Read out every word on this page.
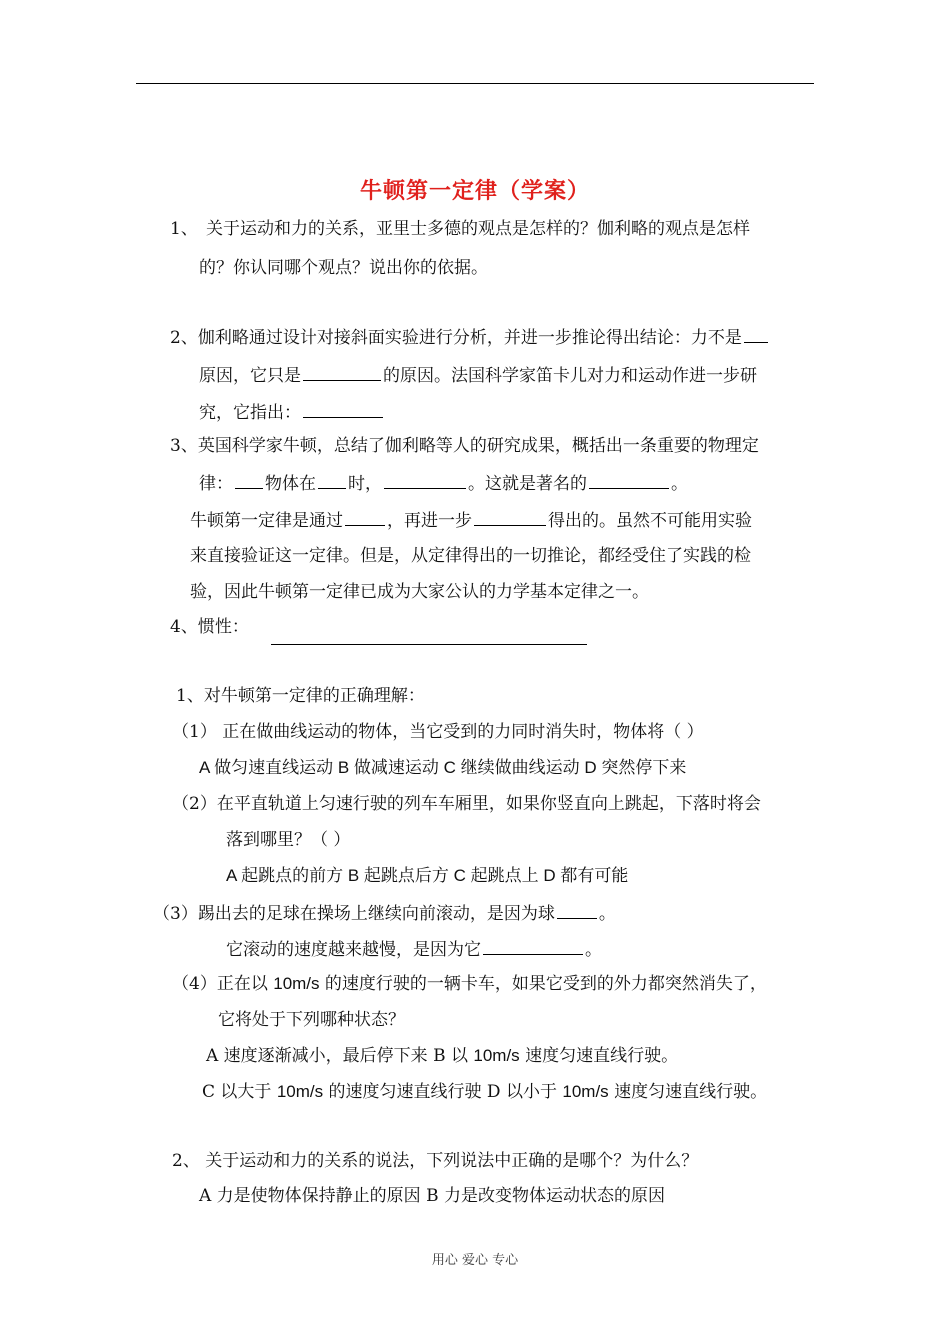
牛顿第一定律（学案）
1、 关于运动和力的关系，亚里士多德的观点是怎样的？伽利略的观点是怎样
的？你认同哪个观点？说出你的依据。
2、伽利略通过设计对接斜面实验进行分析，并进一步推论得出结论：力不是
原因，它只是	的原因。法国科学家笛卡儿对力和运动作进一步研
究，它指出：
3、英国科学家牛顿，总结了伽利略等人的研究成果，概括出一条重要的物理定
律： 物体在 时，	。这就是著名的	。
牛顿第一定律是通过	，再进一步	得出的。虽然不可能用实验
来直接验证这一定律。但是，从定律得出的一切推论，都经受住了实践的检
验，因此牛顿第一定律已成为大家公认的力学基本定律之一。
4、惯性：
1、对牛顿第一定律的正确理解：
（1） 正在做曲线运动的物体，当它受到的力同时消失时，物体将（ ）
A 做匀速直线运动 B 做减速运动 C 继续做曲线运动 D 突然停下来
（2）在平直轨道上匀速行驶的列车车厢里，如果你竖直向上跳起，下落时将会
落到哪里？（ ）
A 起跳点的前方 B 起跳点后方 C 起跳点上 D 都有可能
（3）踢出去的足球在操场上继续向前滚动，是因为球	。
它滚动的速度越来越慢，是因为它	。
（4）正在以 10m/s 的速度行驶的一辆卡车，如果它受到的外力都突然消失了，
它将处于下列哪种状态？
A 速度逐渐减小，最后停下来 B 以 10m/s 速度匀速直线行驶。
C 以大于 10m/s 的速度匀速直线行驶 D 以小于 10m/s 速度匀速直线行驶。
2、 关于运动和力的关系的说法，下列说法中正确的是哪个？为什么？
A 力是使物体保持静止的原因 B 力是改变物体运动状态的原因
用心 爱心 专心
